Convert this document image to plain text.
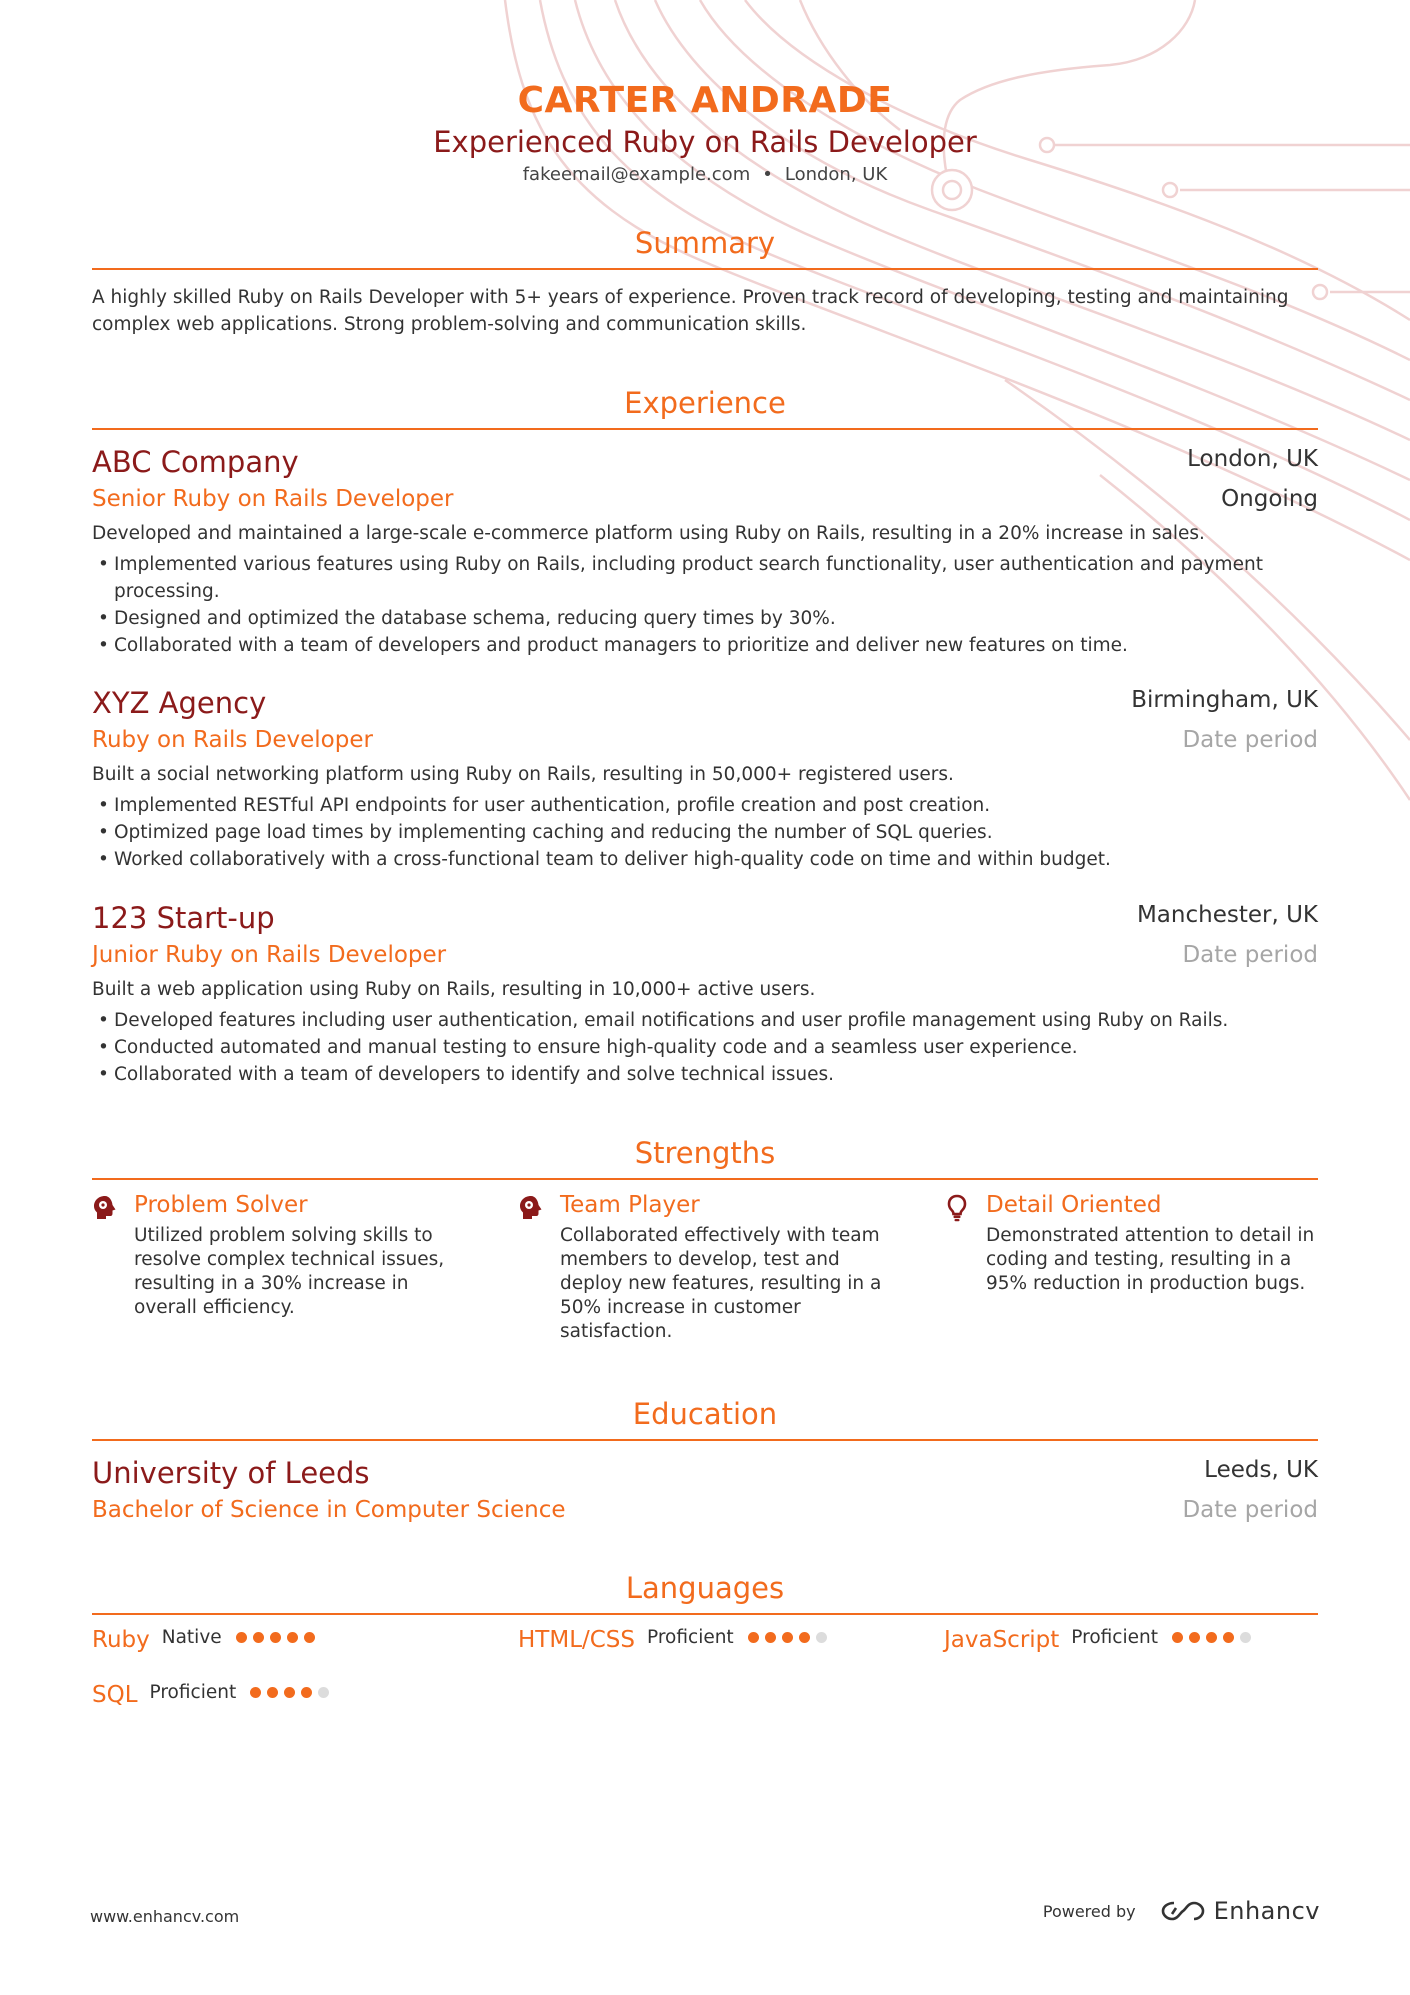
CARTER ANDRADE
Experienced Ruby on Rails Developer
fakeemail@example.com • London, UK
Summary
A highly skilled Ruby on Rails Developer with 5+ years of experience. Proven track record of developing, testing and maintaining complex web applications. Strong problem-solving and communication skills.
Experience
ABC Company	London, UK
Senior Ruby on Rails Developer	Ongoing
Developed and maintained a large-scale e-commerce platform using Ruby on Rails, resulting in a 20% increase in sales.
• Implemented various features using Ruby on Rails, including product search functionality, user authentication and payment processing.
• Designed and optimized the database schema, reducing query times by 30%.
• Collaborated with a team of developers and product managers to prioritize and deliver new features on time.
XYZ Agency	Birmingham, UK
Ruby on Rails Developer	Date period
Built a social networking platform using Ruby on Rails, resulting in 50,000+ registered users.
• Implemented RESTful API endpoints for user authentication, profile creation and post creation.
• Optimized page load times by implementing caching and reducing the number of SQL queries.
• Worked collaboratively with a cross-functional team to deliver high-quality code on time and within budget.
123 Start-up	Manchester, UK
Junior Ruby on Rails Developer	Date period
Built a web application using Ruby on Rails, resulting in 10,000+ active users.
• Developed features including user authentication, email notifications and user profile management using Ruby on Rails.
• Conducted automated and manual testing to ensure high-quality code and a seamless user experience.
• Collaborated with a team of developers to identify and solve technical issues.
Strengths
Problem Solver
Utilized problem solving skills to resolve complex technical issues, resulting in a 30% increase in overall efficiency.
Team Player
Collaborated effectively with team members to develop, test and deploy new features, resulting in a 50% increase in customer satisfaction.
Detail Oriented
Demonstrated attention to detail in coding and testing, resulting in a 95% reduction in production bugs.
Education
University of Leeds	Leeds, UK
Bachelor of Science in Computer Science	Date period
Languages
Ruby Native	HTML/CSS Proficient	JavaScript Proficient
SQL Proficient
www.enhancv.com	Powered by	Enhancv
